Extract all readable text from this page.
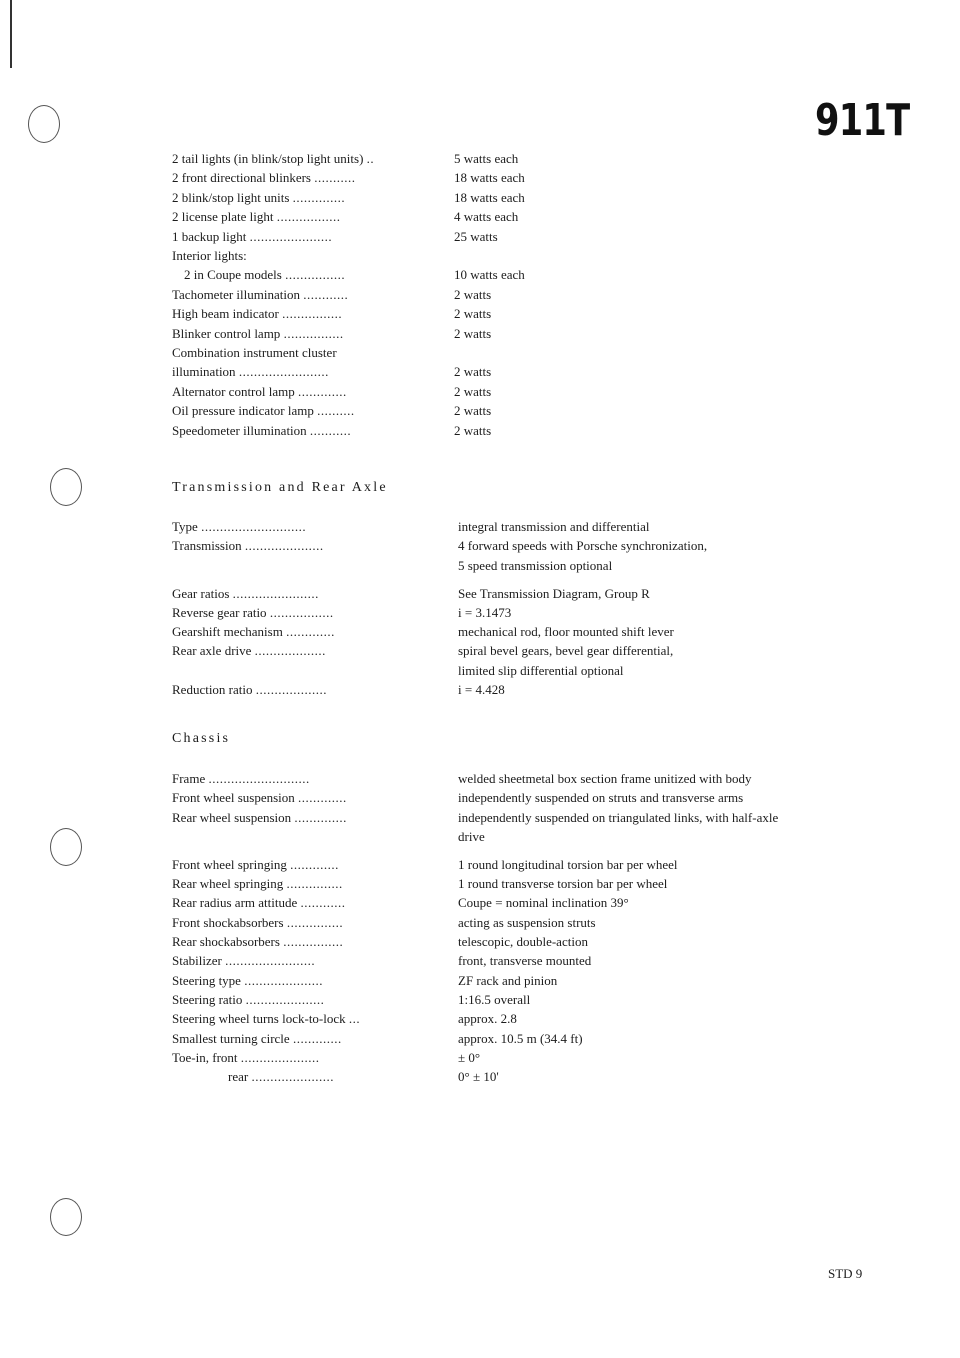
911T
2 tail lights (in blink/stop light units) ..	5 watts each
2 front directional blinkers ...........	18 watts each
2 blink/stop light units ..............	18 watts each
2 license plate light .................	4 watts each
1 backup light ......................	25 watts
Interior lights:
2 in Coupe models ................	10 watts each
Tachometer illumination ............	2 watts
High beam indicator ................	2 watts
Blinker control lamp ................	2 watts
Combination instrument cluster
illumination ........................	2 watts
Alternator control lamp .............	2 watts
Oil pressure indicator lamp ..........	2 watts
Speedometer illumination ...........	2 watts
Transmission and Rear Axle
Type ............................	integral transmission and differential
Transmission .....................	4 forward speeds with Porsche synchronization,
5 speed transmission optional
Gear ratios .......................	See Transmission Diagram, Group R
Reverse gear ratio .................	i = 3.1473
Gearshift mechanism .............	mechanical rod, floor mounted shift lever
Rear axle drive ...................	spiral bevel gears, bevel gear differential,
limited slip differential optional
Reduction ratio ...................	i = 4.428
Chassis
Frame ...........................	welded sheetmetal box section frame unitized with body
Front wheel suspension .............	independently suspended on struts and transverse arms
Rear wheel suspension ..............	independently suspended on triangulated links, with half-axle
drive
Front wheel springing .............	1 round longitudinal torsion bar per wheel
Rear wheel springing ...............	1 round transverse torsion bar per wheel
Rear radius arm attitude ............	Coupe = nominal inclination 39°
Front shockabsorbers ...............	acting as suspension struts
Rear shockabsorbers ................	telescopic, double-action
Stabilizer ........................	front, transverse mounted
Steering type .....................	ZF rack and pinion
Steering ratio .....................	1:16.5 overall
Steering wheel turns lock-to-lock ...	approx. 2.8
Smallest turning circle .............	approx. 10.5 m (34.4 ft)
Toe-in, front .....................	± 0°
rear ......................	0° ± 10'
STD 9
